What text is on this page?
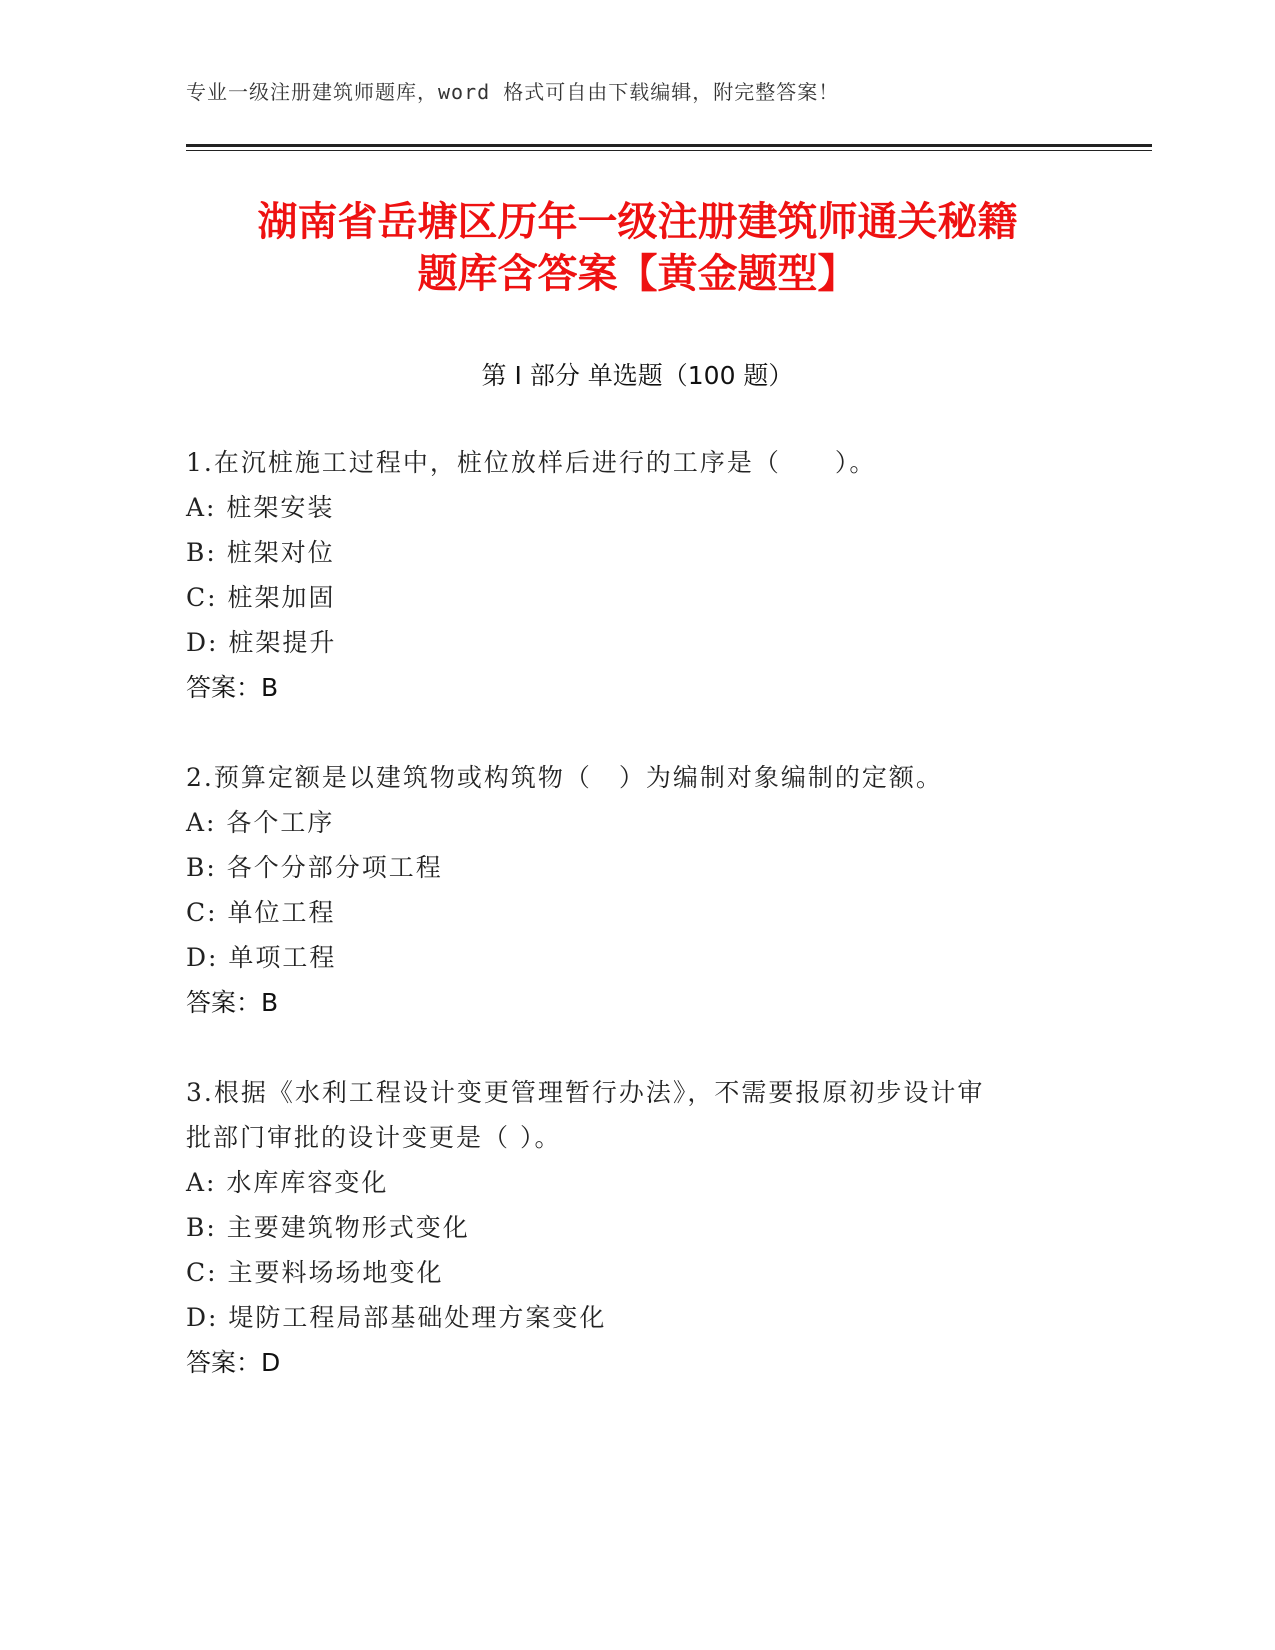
专业一级注册建筑师题库，word 格式可自由下载编辑，附完整答案！
湖南省岳塘区历年一级注册建筑师通关秘籍
题库含答案【黄金题型】
第 I 部分 单选题（100 题）
1.在沉桩施工过程中，桩位放样后进行的工序是（　　）。
A: 桩架安装
B: 桩架对位
C: 桩架加固
D: 桩架提升
答案：B
2.预算定额是以建筑物或构筑物（　）为编制对象编制的定额。
A: 各个工序
B: 各个分部分项工程
C: 单位工程
D: 单项工程
答案：B
3.根据《水利工程设计变更管理暂行办法》，不需要报原初步设计审
批部门审批的设计变更是（ ）。
A: 水库库容变化
B: 主要建筑物形式变化
C: 主要料场场地变化
D: 堤防工程局部基础处理方案变化
答案：D
